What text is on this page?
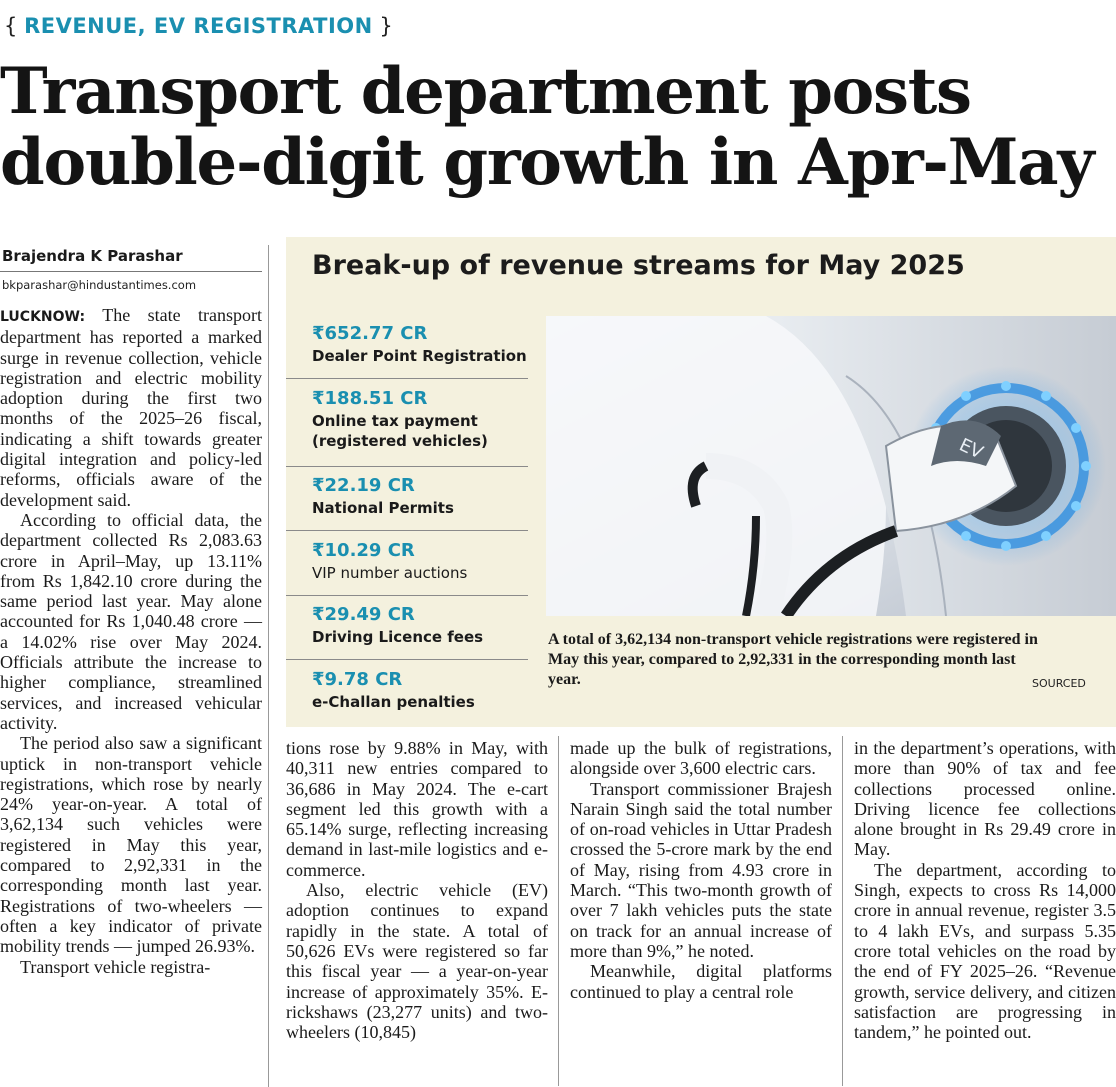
{ REVENUE, EV REGISTRATION }
Transport department posts
double-digit growth in Apr-May
Brajendra K Parashar
bkparashar@hindustantimes.com

LUCKNOW: The state transport department has reported a marked surge in revenue collection, vehicle registration and electric mobility adoption during the first two months of the 2025–26 fiscal, indicating a shift towards greater digital integration and policy-led reforms, officials aware of the development said.

According to official data, the department collected Rs 2,083.63 crore in April–May, up 13.11% from Rs 1,842.10 crore during the same period last year. May alone accounted for Rs 1,040.48 crore — a 14.02% rise over May 2024. Officials attribute the increase to higher compliance, streamlined services, and increased vehicular activity.

The period also saw a significant uptick in non-transport vehicle registrations, which rose by nearly 24% year-on-year. A total of 3,62,134 such vehicles were registered in May this year, compared to 2,92,331 in the corresponding month last year. Registrations of two-wheelers — often a key indicator of private mobility trends — jumped 26.93%.

Transport vehicle registra-

Break-up of revenue streams for May 2025
₹652.77 CR
Dealer Point Registration
₹188.51 CR
Online tax payment
(registered vehicles)
₹22.19 CR
National Permits
₹10.29 CR
VIP number auctions
₹29.49 CR
Driving Licence fees
₹9.78 CR
e-Challan penalties
EV
A total of 3,62,134 non-transport vehicle registrations were registered in May this year, compared to 2,92,331 in the corresponding month last year.	SOURCED

tions rose by 9.88% in May, with 40,311 new entries compared to 36,686 in May 2024. The e-cart segment led this growth with a 65.14% surge, reflecting increasing demand in last-mile logistics and e-commerce.

Also, electric vehicle (EV) adoption continues to expand rapidly in the state. A total of 50,626 EVs were registered so far this fiscal year — a year-on-year increase of approximately 35%. E-rickshaws (23,277 units) and two-wheelers (10,845)

made up the bulk of registrations, alongside over 3,600 electric cars.

Transport commissioner Brajesh Narain Singh said the total number of on-road vehicles in Uttar Pradesh crossed the 5-crore mark by the end of May, rising from 4.93 crore in March. “This two-month growth of over 7 lakh vehicles puts the state on track for an annual increase of more than 9%,” he noted.

Meanwhile, digital platforms continued to play a central role

in the department’s operations, with more than 90% of tax and fee collections processed online. Driving licence fee collections alone brought in Rs 29.49 crore in May.

The department, according to Singh, expects to cross Rs 14,000 crore in annual revenue, register 3.5 to 4 lakh EVs, and surpass 5.35 crore total vehicles on the road by the end of FY 2025–26. “Revenue growth, service delivery, and citizen satisfaction are progressing in tandem,” he pointed out.
